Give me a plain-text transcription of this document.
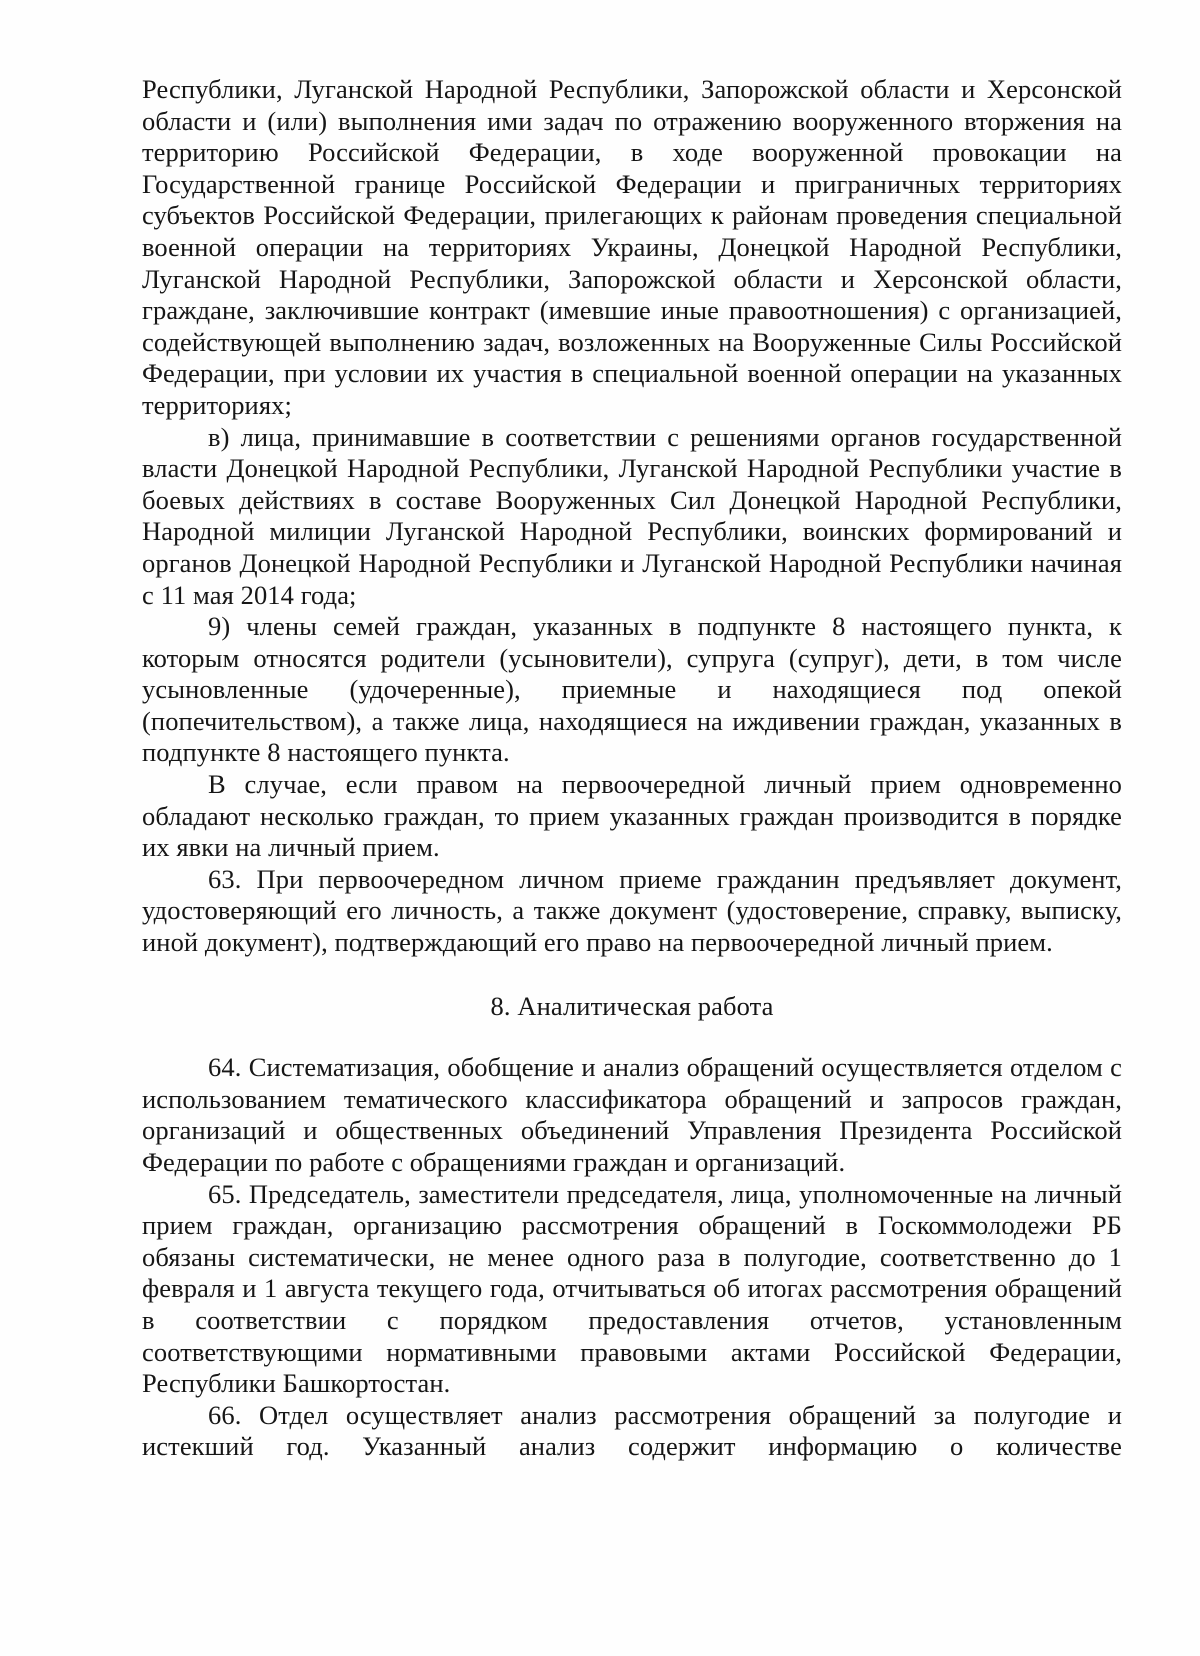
Республики, Луганской Народной Республики, Запорожской области и Херсонской области и (или) выполнения ими задач по отражению вооруженного вторжения на территорию Российской Федерации, в ходе вооруженной провокации на Государственной границе Российской Федерации и приграничных территориях субъектов Российской Федерации, прилегающих к районам проведения специальной военной операции на территориях Украины, Донецкой Народной Республики, Луганской Народной Республики, Запорожской области и Херсонской области, граждане, заключившие контракт (имевшие иные правоотношения) с организацией, содействующей выполнению задач, возложенных на Вооруженные Силы Российской Федерации, при условии их участия в специальной военной операции на указанных территориях;

в) лица, принимавшие в соответствии с решениями органов государственной власти Донецкой Народной Республики, Луганской Народной Республики участие в боевых действиях в составе Вооруженных Сил Донецкой Народной Республики, Народной милиции Луганской Народной Республики, воинских формирований и органов Донецкой Народной Республики и Луганской Народной Республики начиная с 11 мая 2014 года;

9) члены семей граждан, указанных в подпункте 8 настоящего пункта, к которым относятся родители (усыновители), супруга (супруг), дети, в том числе усыновленные (удочеренные), приемные и находящиеся под опекой (попечительством), а также лица, находящиеся на иждивении граждан, указанных в подпункте 8 настоящего пункта.

В случае, если правом на первоочередной личный прием одновременно обладают несколько граждан, то прием указанных граждан производится в порядке их явки на личный прием.

63. При первоочередном личном приеме гражданин предъявляет документ, удостоверяющий его личность, а также документ (удостоверение, справку, выписку, иной документ), подтверждающий его право на первоочередной личный прием.

8. Аналитическая работа

64. Систематизация, обобщение и анализ обращений осуществляется отделом с использованием тематического классификатора обращений и запросов граждан, организаций и общественных объединений Управления Президента Российской Федерации по работе с обращениями граждан и организаций.

65. Председатель, заместители председателя, лица, уполномоченные на личный прием граждан, организацию рассмотрения обращений в Госкоммолодежи РБ обязаны систематически, не менее одного раза в полугодие, соответственно до 1 февраля и 1 августа текущего года, отчитываться об итогах рассмотрения обращений в соответствии с порядком предоставления отчетов, установленным соответствующими нормативными правовыми актами Российской Федерации, Республики Башкортостан.

66. Отдел осуществляет анализ рассмотрения обращений за полугодие и истекший год. Указанный анализ содержит информацию о количестве
